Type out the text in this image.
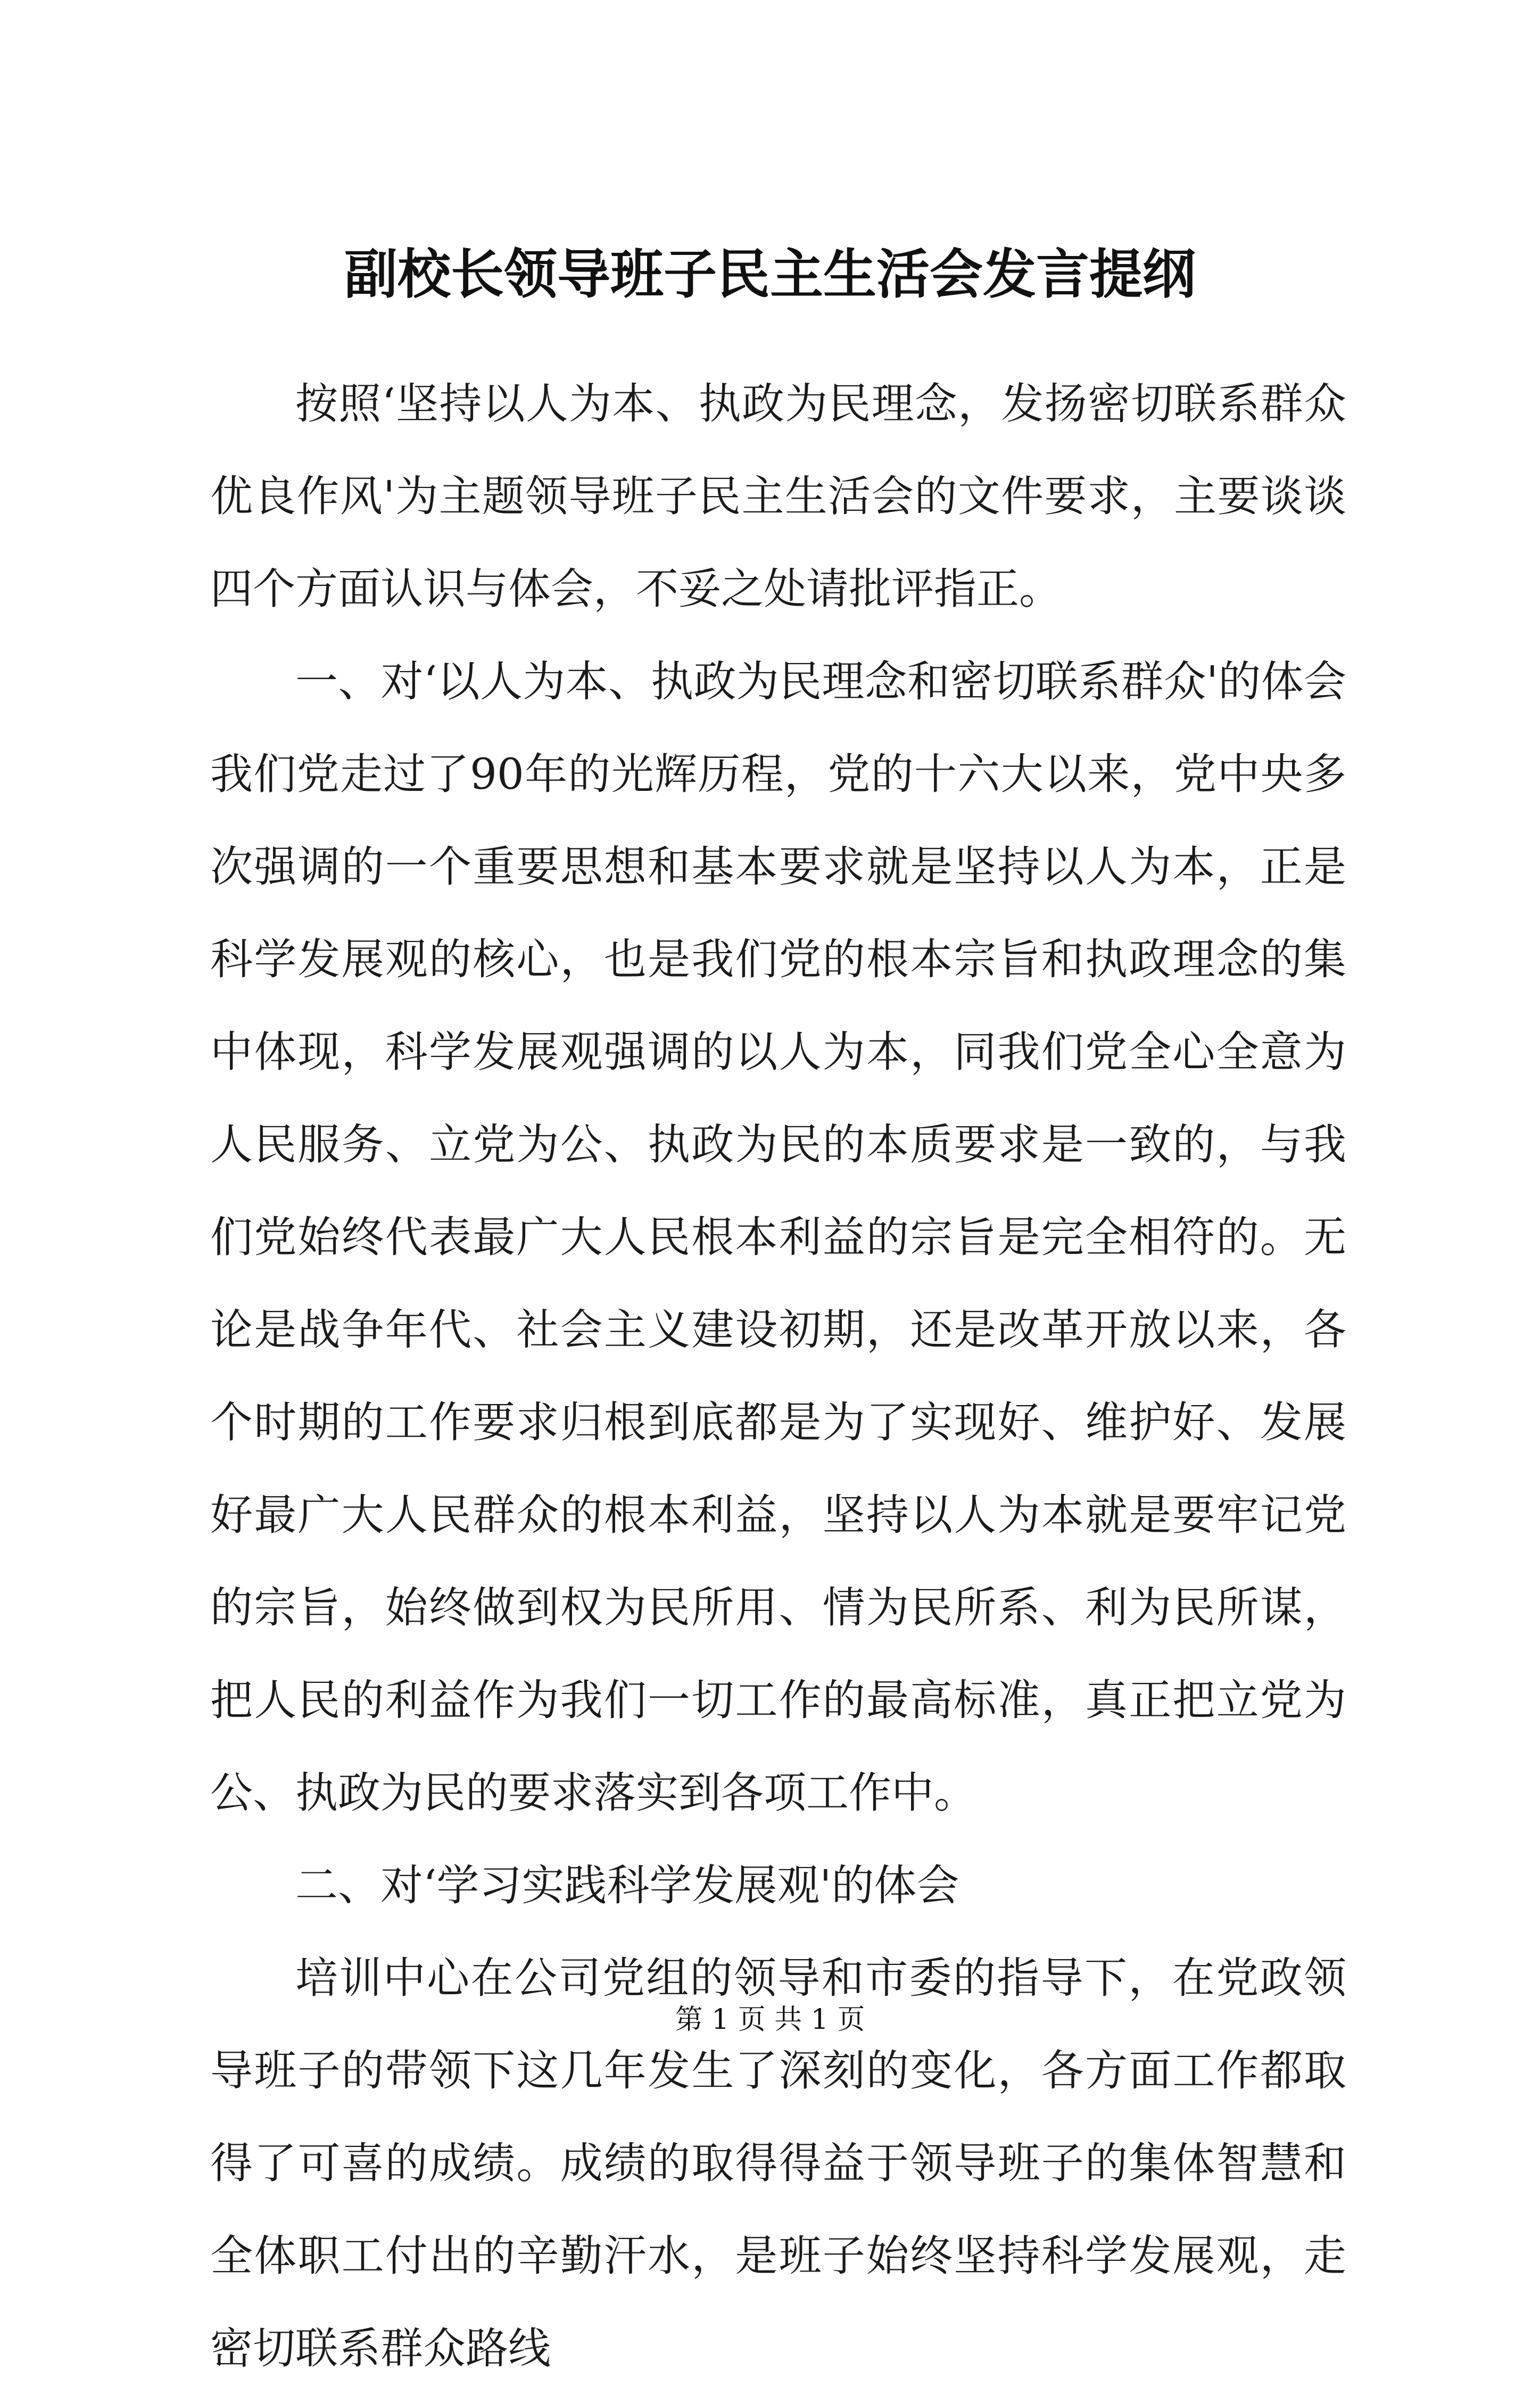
副校长领导班子民主生活会发言提纲

按照‘坚持以人为本、执政为民理念，发扬密切联系群众优良作风'为主题领导班子民主生活会的文件要求，主要谈谈四个方面认识与体会，不妥之处请批评指正。

一、对‘以人为本、执政为民理念和密切联系群众'的体会我们党走过了90年的光辉历程，党的十六大以来，党中央多次强调的一个重要思想和基本要求就是坚持以人为本，正是科学发展观的核心，也是我们党的根本宗旨和执政理念的集中体现，科学发展观强调的以人为本，同我们党全心全意为人民服务、立党为公、执政为民的本质要求是一致的，与我们党始终代表最广大人民根本利益的宗旨是完全相符的。无论是战争年代、社会主义建设初期，还是改革开放以来，各个时期的工作要求归根到底都是为了实现好、维护好、发展好最广大人民群众的根本利益，坚持以人为本就是要牢记党的宗旨，始终做到权为民所用、情为民所系、利为民所谋，把人民的利益作为我们一切工作的最高标准，真正把立党为公、执政为民的要求落实到各项工作中。

二、对‘学习实践科学发展观'的体会

培训中心在公司党组的领导和市委的指导下，在党政领导班子的带领下这几年发生了深刻的变化，各方面工作都取得了可喜的成绩。成绩的取得得益于领导班子的集体智慧和全体职工付出的辛勤汗水，是班子始终坚持科学发展观，走密切联系群众路线

第 1 页 共 1 页
